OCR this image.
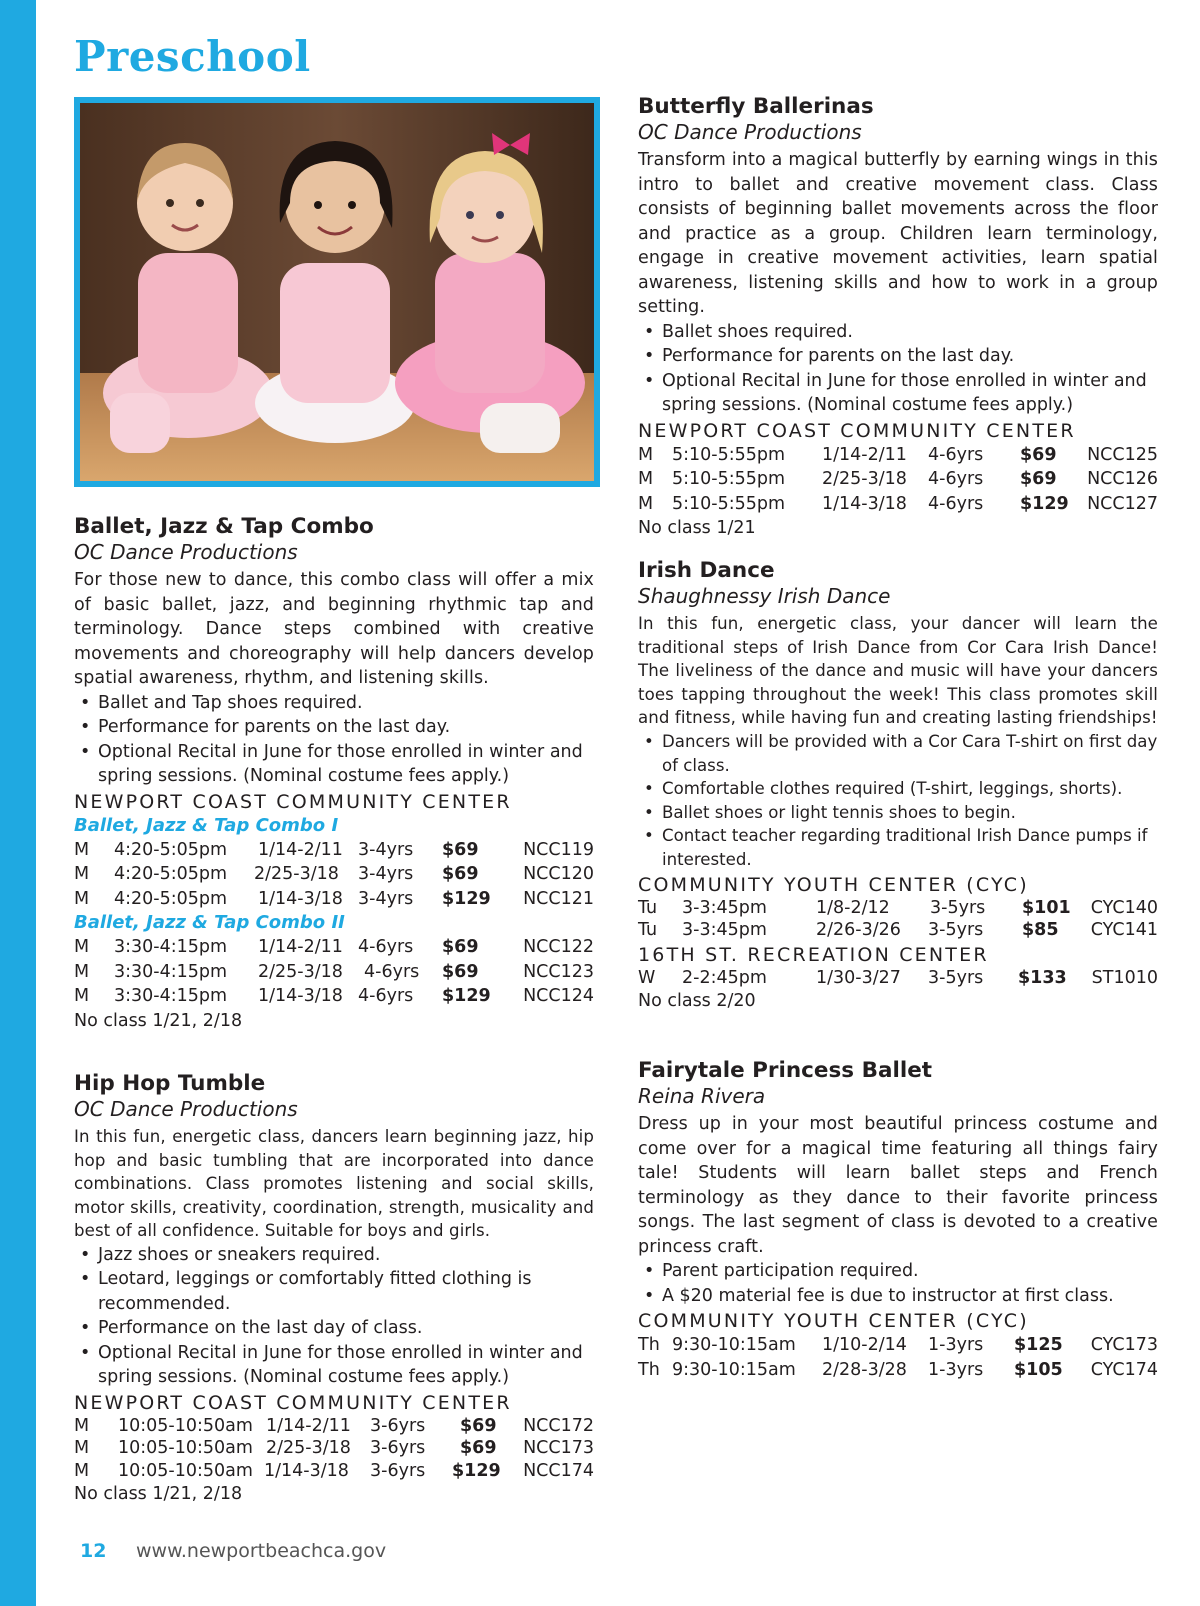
Preschool
Ballet, Jazz & Tap Combo
OC Dance Productions
For those new to dance, this combo class will offer a mix of basic ballet, jazz, and beginning rhythmic tap and terminology. Dance steps combined with creative movements and choreography will help dancers develop spatial awareness, rhythm, and listening skills.
• Ballet and Tap shoes required.
• Performance for parents on the last day.
• Optional Recital in June for those enrolled in winter and spring sessions. (Nominal costume fees apply.)
NEWPORT COAST COMMUNITY CENTER
Ballet, Jazz & Tap Combo I
M 4:20-5:05pm 1/14-2/11 3-4yrs $69	NCC119
M 4:20-5:05pm 2/25-3/18 3-4yrs $69	NCC120
M 4:20-5:05pm 1/14-3/18 3-4yrs $129 NCC121
Ballet, Jazz & Tap Combo II
M 3:30-4:15pm 1/14-2/11 4-6yrs $69	NCC122
M 3:30-4:15pm 2/25-3/18 4-6yrs $69	NCC123
M 3:30-4:15pm 1/14-3/18 4-6yrs $129 NCC124
No class 1/21, 2/18
Hip Hop Tumble
OC Dance Productions
In this fun, energetic class, dancers learn beginning jazz, hip hop and basic tumbling that are incorporated into dance combinations. Class promotes listening and social skills, motor skills, creativity, coordination, strength, musicality and best of all confidence. Suitable for boys and girls.
• Jazz shoes or sneakers required.
• Leotard, leggings or comfortably fitted clothing is recommended.
• Performance on the last day of class.
• Optional Recital in June for those enrolled in winter and spring sessions. (Nominal costume fees apply.)
NEWPORT COAST COMMUNITY CENTER
M 10:05-10:50am 1/14-2/11 3-6yrs $69 NCC172
M 10:05-10:50am 2/25-3/18 3-6yrs $69 NCC173
M 10:05-10:50am 1/14-3/18 3-6yrs $129 NCC174
No class 1/21, 2/18
Butterfly Ballerinas
OC Dance Productions
Transform into a magical butterfly by earning wings in this intro to ballet and creative movement class. Class consists of beginning ballet movements across the floor and practice as a group. Children learn terminology, engage in creative movement activities, learn spatial awareness, listening skills and how to work in a group setting.
• Ballet shoes required.
• Performance for parents on the last day.
• Optional Recital in June for those enrolled in winter and spring sessions. (Nominal costume fees apply.)
NEWPORT COAST COMMUNITY CENTER
M 5:10-5:55pm 1/14-2/11 4-6yrs $69 NCC125
M 5:10-5:55pm 2/25-3/18 4-6yrs $69 NCC126
M 5:10-5:55pm 1/14-3/18 4-6yrs $129 NCC127
No class 1/21
Irish Dance
Shaughnessy Irish Dance
In this fun, energetic class, your dancer will learn the traditional steps of Irish Dance from Cor Cara Irish Dance! The liveliness of the dance and music will have your dancers toes tapping throughout the week! This class promotes skill and fitness, while having fun and creating lasting friendships!
• Dancers will be provided with a Cor Cara T-shirt on first day of class.
• Comfortable clothes required (T-shirt, leggings, shorts).
• Ballet shoes or light tennis shoes to begin.
• Contact teacher regarding traditional Irish Dance pumps if interested.
COMMUNITY YOUTH CENTER (CYC)
Tu 3-3:45pm	1/8-2/12 3-5yrs $101 CYC140
Tu 3-3:45pm	2/26-3/26 3-5yrs $85 CYC141
16TH ST. RECREATION CENTER
W 2-2:45pm	1/30-3/27 3-5yrs $133 ST1010
No class 2/20
Fairytale Princess Ballet
Reina Rivera
Dress up in your most beautiful princess costume and come over for a magical time featuring all things fairy tale! Students will learn ballet steps and French terminology as they dance to their favorite princess songs. The last segment of class is devoted to a creative princess craft.
• Parent participation required.
• A $20 material fee is due to instructor at first class.
COMMUNITY YOUTH CENTER (CYC)
Th 9:30-10:15am 1/10-2/14 1-3yrs $125 CYC173
Th 9:30-10:15am 2/28-3/28 1-3yrs $105 CYC174
12 www.newportbeachca.gov
